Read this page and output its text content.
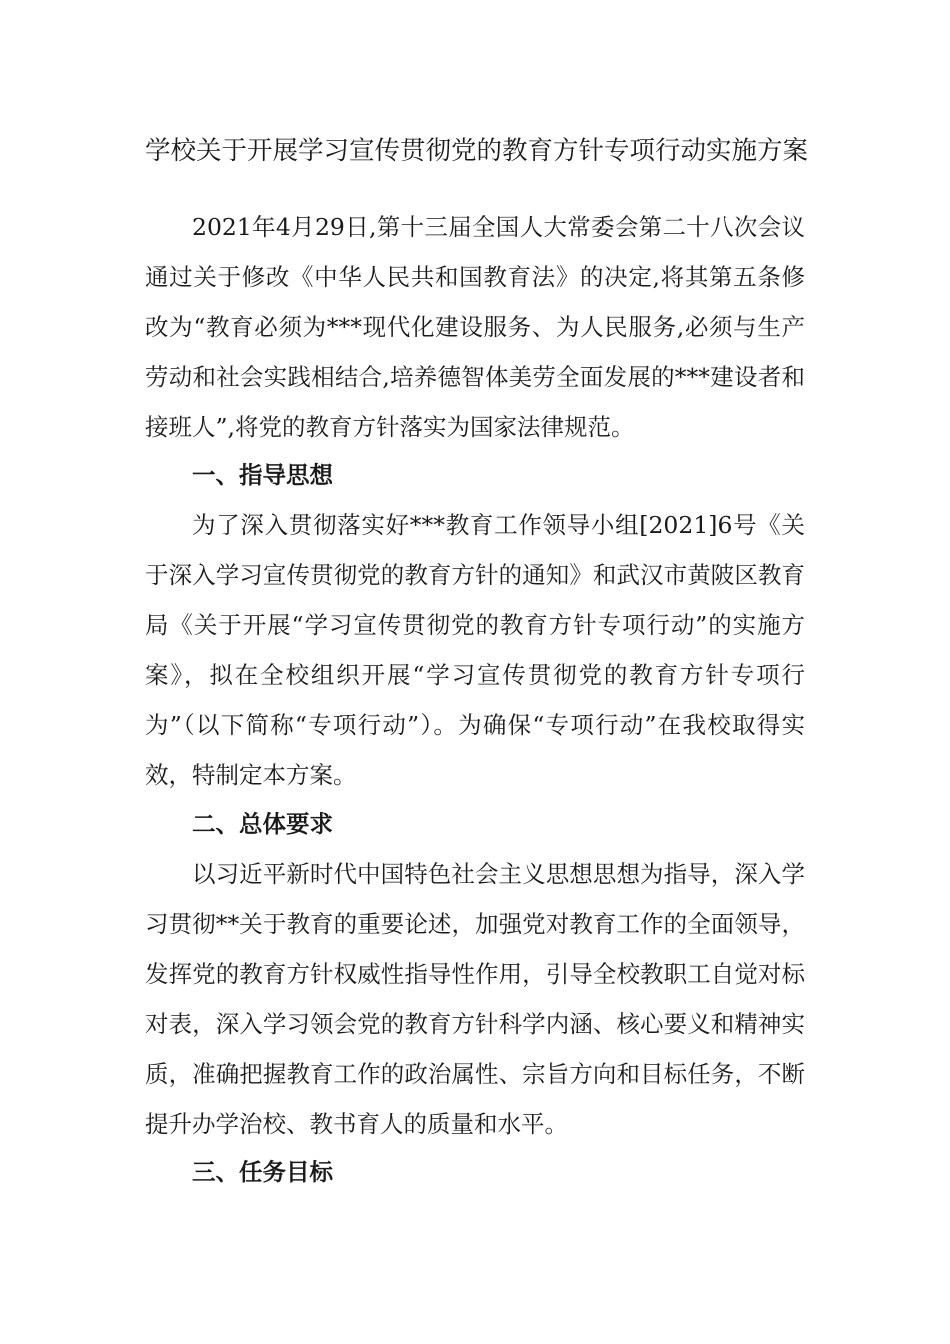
学校关于开展学习宣传贯彻党的教育方针专项行动实施方案

2021年4月29日,第十三届全国人大常委会第二十八次会议通过关于修改《中华人民共和国教育法》的决定,将其第五条修改为“教育必须为***现代化建设服务、为人民服务,必须与生产劳动和社会实践相结合,培养德智体美劳全面发展的***建设者和接班人”,将党的教育方针落实为国家法律规范。

一、指导思想

为了深入贯彻落实好***教育工作领导小组[2021]6号《关于深入学习宣传贯彻党的教育方针的通知》和武汉市黄陂区教育局《关于开展“学习宣传贯彻党的教育方针专项行动”的实施方案》，拟在全校组织开展“学习宣传贯彻党的教育方针专项行为”（以下简称“专项行动”）。为确保“专项行动”在我校取得实效，特制定本方案。

二、总体要求

以习近平新时代中国特色社会主义思想思想为指导，深入学习贯彻**关于教育的重要论述，加强党对教育工作的全面领导，发挥党的教育方针权威性指导性作用，引导全校教职工自觉对标对表，深入学习领会党的教育方针科学内涵、核心要义和精神实质，准确把握教育工作的政治属性、宗旨方向和目标任务，不断提升办学治校、教书育人的质量和水平。

三、任务目标
